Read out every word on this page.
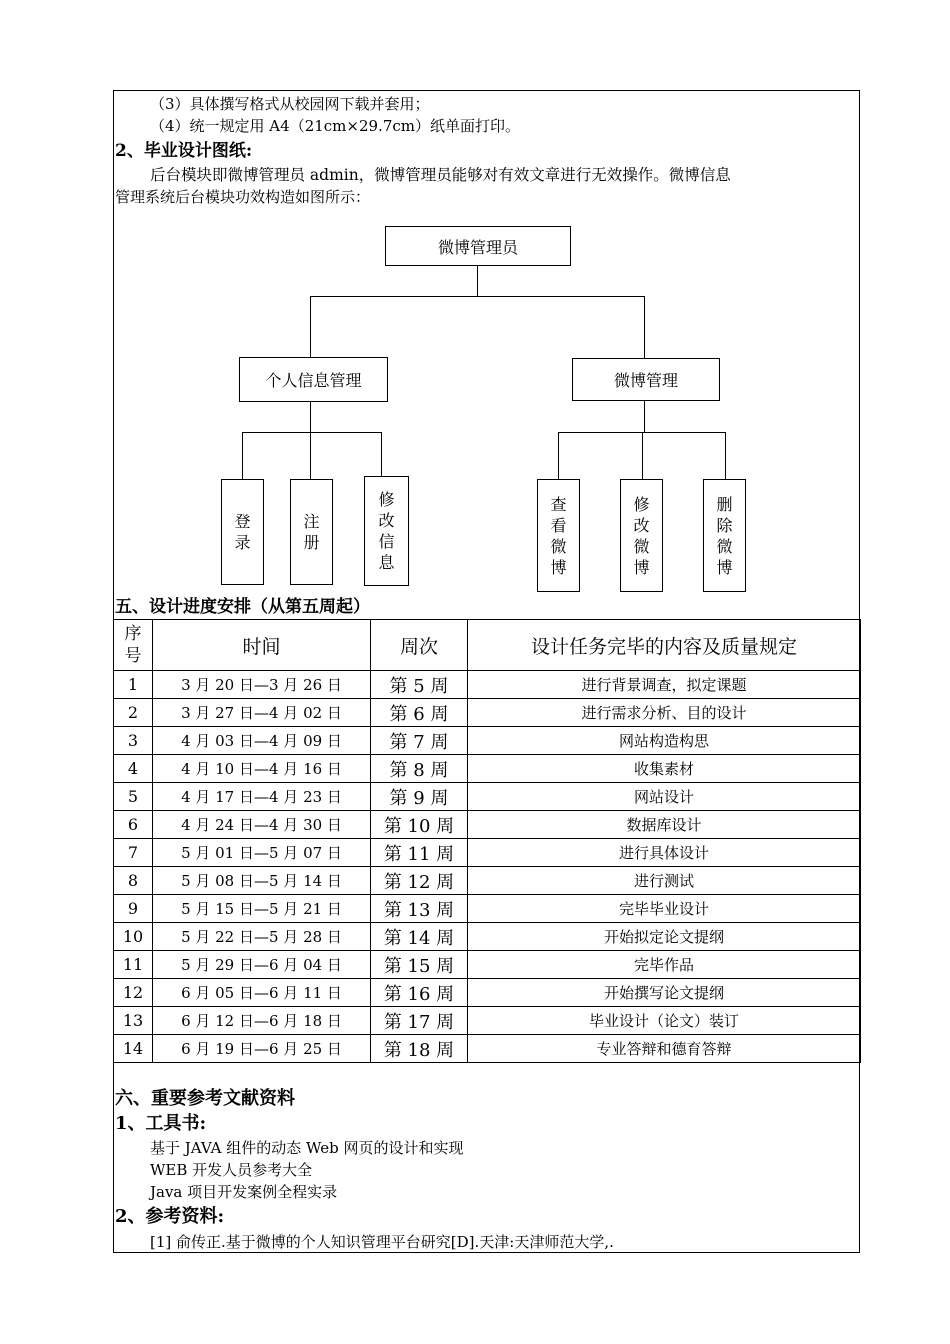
（3）具体撰写格式从校园网下载并套用；
（4）统一规定用 A4（21cm×29.7cm）纸单面打印。
2、毕业设计图纸:
后台模块即微博管理员 admin，微博管理员能够对有效文章进行无效操作。微博信息
管理系统后台模块功效构造如图所示：
微博管理员
个人信息管理	微博管理
登录
注册
修改信息
查看微博
修改微博
删除微博
五、设计进度安排（从第五周起）
序号	时间	周次	设计任务完毕的内容及质量规定
1	3 月 20 日—3 月 26 日	第 5 周	进行背景调查，拟定课题
2	3 月 27 日—4 月 02 日	第 6 周	进行需求分析、目的设计
3	4 月 03 日—4 月 09 日	第 7 周	网站构造构思
4	4 月 10 日—4 月 16 日	第 8 周	收集素材
5	4 月 17 日—4 月 23 日	第 9 周	网站设计
6	4 月 24 日—4 月 30 日	第 10 周	数据库设计
7	5 月 01 日—5 月 07 日	第 11 周	进行具体设计
8	5 月 08 日—5 月 14 日	第 12 周	进行测试
9	5 月 15 日—5 月 21 日	第 13 周	完毕毕业设计
10	5 月 22 日—5 月 28 日	第 14 周	开始拟定论文提纲
11	5 月 29 日—6 月 04 日	第 15 周	完毕作品
12	6 月 05 日—6 月 11 日	第 16 周	开始撰写论文提纲
13	6 月 12 日—6 月 18 日	第 17 周	毕业设计（论文）装订
14	6 月 19 日—6 月 25 日	第 18 周	专业答辩和德育答辩
六、重要参考文献资料
1、工具书:
基于 JAVA 组件的动态 Web 网页的设计和实现
WEB 开发人员参考大全
Java 项目开发案例全程实录
2、参考资料:
[1] 俞传正.基于微博的个人知识管理平台研究[D].天津:天津师范大学,.
